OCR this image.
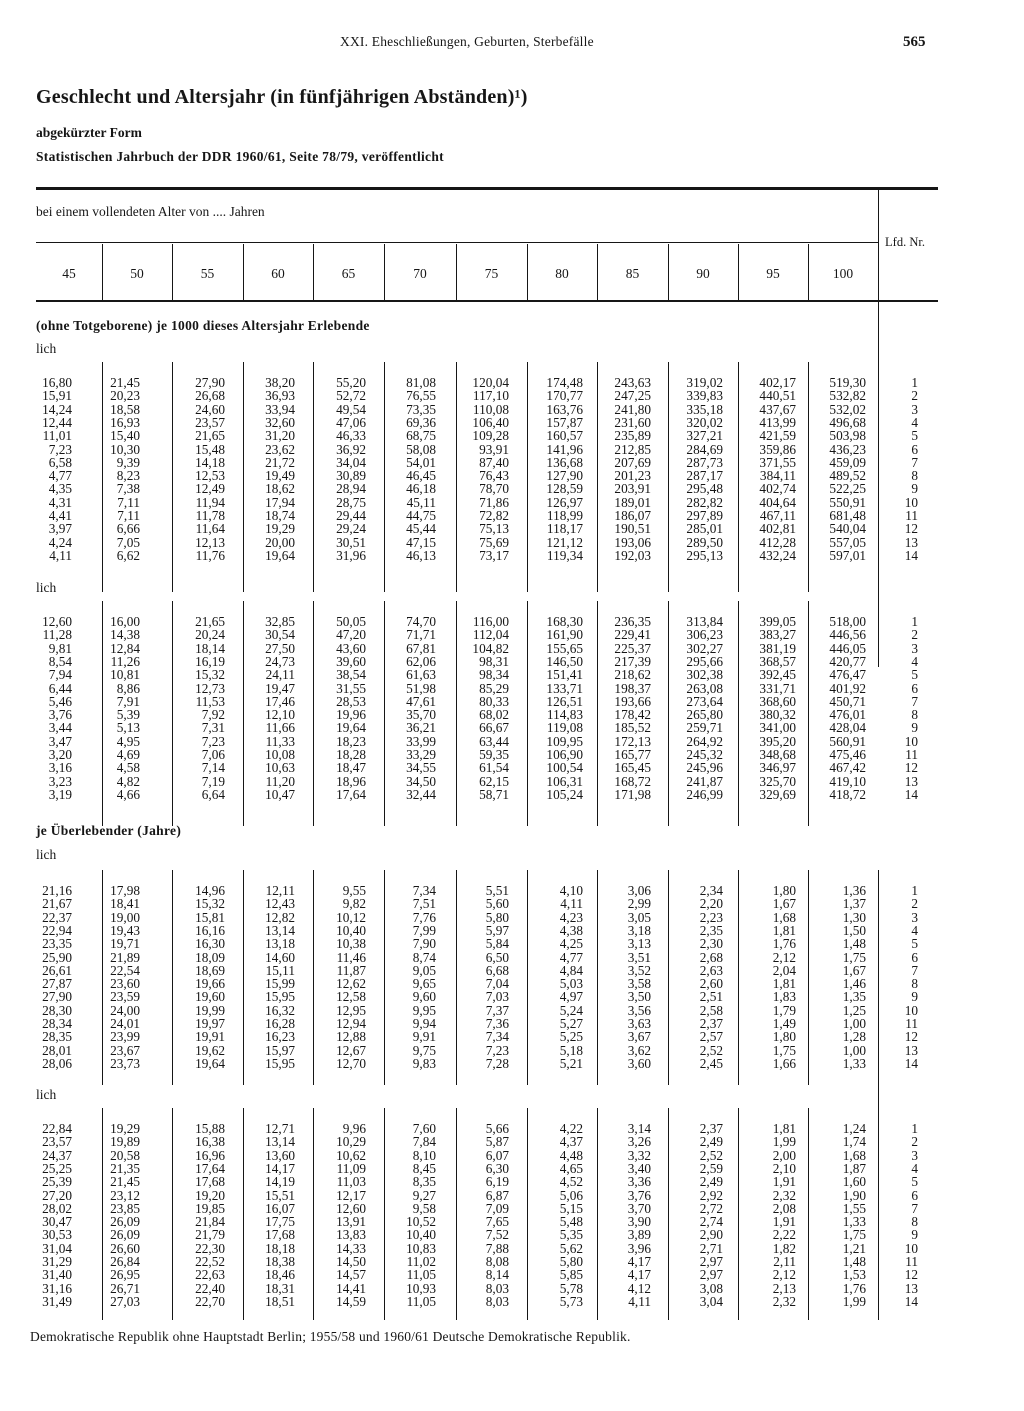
XXI. Eheschließungen, Geburten, Sterbefälle	565
Geschlecht und Altersjahr (in fünfjährigen Abständen)¹)
abgekürzter Form
Statistischen Jahrbuch der DDR 1960/61, Seite 78/79, veröffentlicht
bei einem vollendeten Alter von .... Jahren
Lfd. Nr.
45	50	55	60	65	70	75	80	85	90	95	100
(ohne Totgeborene) je 1000 dieses Altersjahr Erlebende
lich
lich
je Überlebender (Jahre)
lich
lich
16,80	21,45	27,90	38,20	55,20	81,08	120,04	174,48	243,63	319,02	402,17	519,30	1
15,91	20,23	26,68	36,93	52,72	76,55	117,10	170,77	247,25	339,83	440,51	532,82	2
14,24	18,58	24,60	33,94	49,54	73,35	110,08	163,76	241,80	335,18	437,67	532,02	3
12,44	16,93	23,57	32,60	47,06	69,36	106,40	157,87	231,60	320,02	413,99	496,68	4
11,01	15,40	21,65	31,20	46,33	68,75	109,28	160,57	235,89	327,21	421,59	503,98	5
7,23	10,30	15,48	23,62	36,92	58,08	93,91	141,96	212,85	284,69	359,86	436,23	6
6,58	9,39	14,18	21,72	34,04	54,01	87,40	136,68	207,69	287,73	371,55	459,09	7
4,77	8,23	12,53	19,49	30,89	46,45	76,43	127,90	201,23	287,17	384,11	489,52	8
4,35	7,38	12,49	18,62	28,94	46,18	78,70	128,59	203,91	295,48	402,74	522,25	9
4,31	7,11	11,94	17,94	28,75	45,11	71,86	126,97	189,01	282,82	404,64	550,91	10
4,41	7,11	11,78	18,74	29,44	44,75	72,82	118,99	186,07	297,89	467,11	681,48	11
3,97	6,66	11,64	19,29	29,24	45,44	75,13	118,17	190,51	285,01	402,81	540,04	12
4,24	7,05	12,13	20,00	30,51	47,15	75,69	121,12	193,06	289,50	412,28	557,05	13
4,11	6,62	11,76	19,64	31,96	46,13	73,17	119,34	192,03	295,13	432,24	597,01	14
12,60	16,00	21,65	32,85	50,05	74,70	116,00	168,30	236,35	313,84	399,05	518,00	1
11,28	14,38	20,24	30,54	47,20	71,71	112,04	161,90	229,41	306,23	383,27	446,56	2
9,81	12,84	18,14	27,50	43,60	67,81	104,82	155,65	225,37	302,27	381,19	446,05	3
8,54	11,26	16,19	24,73	39,60	62,06	98,31	146,50	217,39	295,66	368,57	420,77	4
7,94	10,81	15,32	24,11	38,54	61,63	98,34	151,41	218,62	302,38	392,45	476,47	5
6,44	8,86	12,73	19,47	31,55	51,98	85,29	133,71	198,37	263,08	331,71	401,92	6
5,46	7,91	11,53	17,46	28,53	47,61	80,33	126,51	193,66	273,64	368,60	450,71	7
3,76	5,39	7,92	12,10	19,96	35,70	68,02	114,83	178,42	265,80	380,32	476,01	8
3,44	5,13	7,31	11,66	19,64	36,21	66,67	119,08	185,52	259,71	341,00	428,04	9
3,47	4,95	7,23	11,33	18,23	33,99	63,44	109,95	172,13	264,92	395,20	560,91	10
3,20	4,69	7,06	10,08	18,28	33,29	59,35	106,90	165,77	245,32	348,68	475,46	11
3,16	4,58	7,14	10,63	18,47	34,55	61,54	100,54	165,45	245,96	346,97	467,42	12
3,23	4,82	7,19	11,20	18,96	34,50	62,15	106,31	168,72	241,87	325,70	419,10	13
3,19	4,66	6,64	10,47	17,64	32,44	58,71	105,24	171,98	246,99	329,69	418,72	14
21,16	17,98	14,96	12,11	9,55	7,34	5,51	4,10	3,06	2,34	1,80	1,36	1
21,67	18,41	15,32	12,43	9,82	7,51	5,60	4,11	2,99	2,20	1,67	1,37	2
22,37	19,00	15,81	12,82	10,12	7,76	5,80	4,23	3,05	2,23	1,68	1,30	3
22,94	19,43	16,16	13,14	10,40	7,99	5,97	4,38	3,18	2,35	1,81	1,50	4
23,35	19,71	16,30	13,18	10,38	7,90	5,84	4,25	3,13	2,30	1,76	1,48	5
25,90	21,89	18,09	14,60	11,46	8,74	6,50	4,77	3,51	2,68	2,12	1,75	6
26,61	22,54	18,69	15,11	11,87	9,05	6,68	4,84	3,52	2,63	2,04	1,67	7
27,87	23,60	19,66	15,99	12,62	9,65	7,04	5,03	3,58	2,60	1,81	1,46	8
27,90	23,59	19,60	15,95	12,58	9,60	7,03	4,97	3,50	2,51	1,83	1,35	9
28,30	24,00	19,99	16,32	12,95	9,95	7,37	5,24	3,56	2,58	1,79	1,25	10
28,34	24,01	19,97	16,28	12,94	9,94	7,36	5,27	3,63	2,37	1,49	1,00	11
28,35	23,99	19,91	16,23	12,88	9,91	7,34	5,25	3,67	2,57	1,80	1,28	12
28,01	23,67	19,62	15,97	12,67	9,75	7,23	5,18	3,62	2,52	1,75	1,00	13
28,06	23,73	19,64	15,95	12,70	9,83	7,28	5,21	3,60	2,45	1,66	1,33	14
22,84	19,29	15,88	12,71	9,96	7,60	5,66	4,22	3,14	2,37	1,81	1,24	1
23,57	19,89	16,38	13,14	10,29	7,84	5,87	4,37	3,26	2,49	1,99	1,74	2
24,37	20,58	16,96	13,60	10,62	8,10	6,07	4,48	3,32	2,52	2,00	1,68	3
25,25	21,35	17,64	14,17	11,09	8,45	6,30	4,65	3,40	2,59	2,10	1,87	4
25,39	21,45	17,68	14,19	11,03	8,35	6,19	4,52	3,36	2,49	1,91	1,60	5
27,20	23,12	19,20	15,51	12,17	9,27	6,87	5,06	3,76	2,92	2,32	1,90	6
28,02	23,85	19,85	16,07	12,60	9,58	7,09	5,15	3,70	2,72	2,08	1,55	7
30,47	26,09	21,84	17,75	13,91	10,52	7,65	5,48	3,90	2,74	1,91	1,33	8
30,53	26,09	21,79	17,68	13,83	10,40	7,52	5,35	3,89	2,90	2,22	1,75	9
31,04	26,60	22,30	18,18	14,33	10,83	7,88	5,62	3,96	2,71	1,82	1,21	10
31,29	26,84	22,52	18,38	14,50	11,02	8,08	5,80	4,17	2,97	2,11	1,48	11
31,40	26,95	22,63	18,46	14,57	11,05	8,14	5,85	4,17	2,97	2,12	1,53	12
31,16	26,71	22,40	18,31	14,41	10,93	8,03	5,78	4,12	3,08	2,13	1,76	13
31,49	27,03	22,70	18,51	14,59	11,05	8,03	5,73	4,11	3,04	2,32	1,99	14
Demokratische Republik ohne Hauptstadt Berlin; 1955/58 und 1960/61 Deutsche Demokratische Republik.
